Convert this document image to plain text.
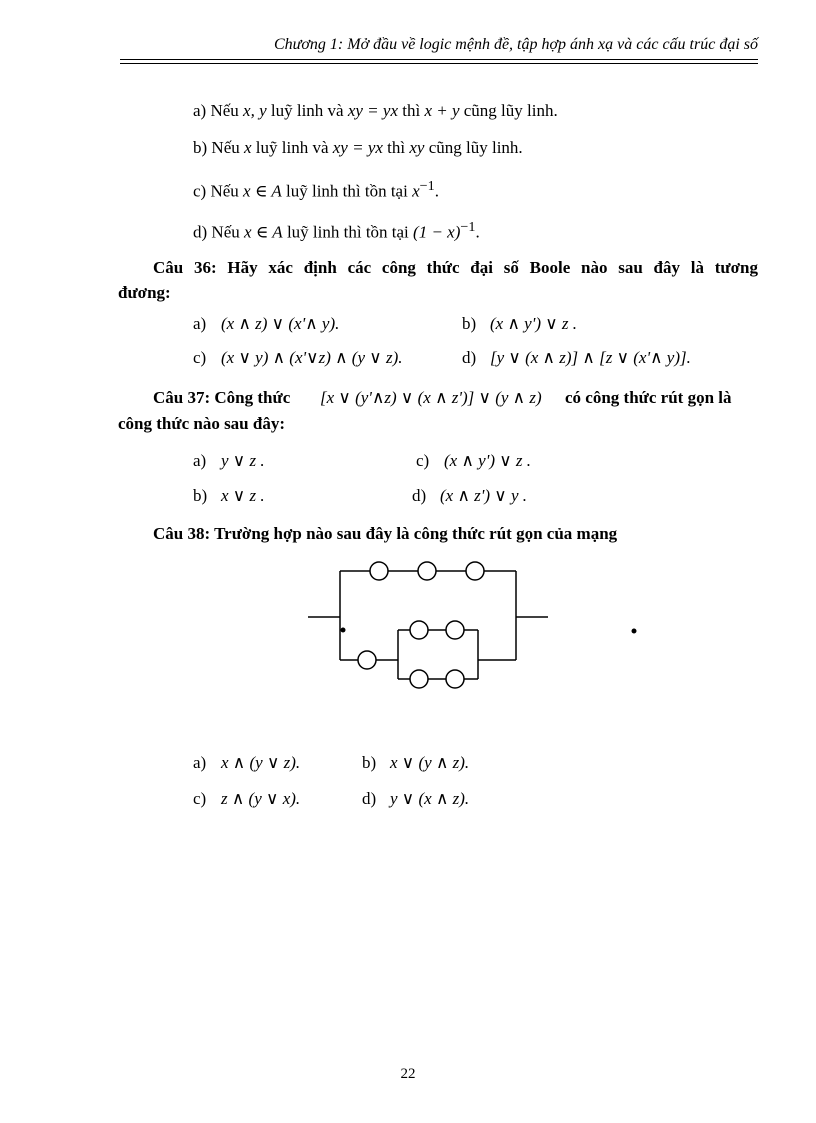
Chương 1: Mở đầu về logic mệnh đề, tập hợp ánh xạ và các cấu trúc đại số
a) Nếu x, y luỹ linh và xy = yx thì x + y cũng lũy linh.
b) Nếu x luỹ linh và xy = yx thì xy cũng lũy linh.
c) Nếu x ∈ A luỹ linh thì tồn tại $x^{-1}$.
d) Nếu x ∈ A luỹ linh thì tồn tại $(1 - x)^{-1}$.
Câu 36: Hãy xác định các công thức đại số Boole nào sau đây là tương
đương:
a) (x ∧ z) ∨ (x'∧ y).	b) (x ∧ y') ∨ z .
c) (x ∨ y) ∧ (x'∨z) ∧ (y ∨ z).	d) [y ∨ (x ∧ z)] ∧ [z ∨ (x'∧ y)].
Câu 37: Công thức [x ∨ (y'∧z) ∨ (x ∧ z')] ∨ (y ∧ z) có công thức rút gọn là
công thức nào sau đây:
a) y ∨ z .	c) (x ∧ y') ∨ z .
b) x ∨ z .	d) (x ∧ z') ∨ y .
Câu 38: Trường hợp nào sau đây là công thức rút gọn của mạng
a) x ∧ (y ∨ z).	b) x ∨ (y ∧ z).
c) z ∧ (y ∨ x).	d) y ∨ (x ∧ z).
22
